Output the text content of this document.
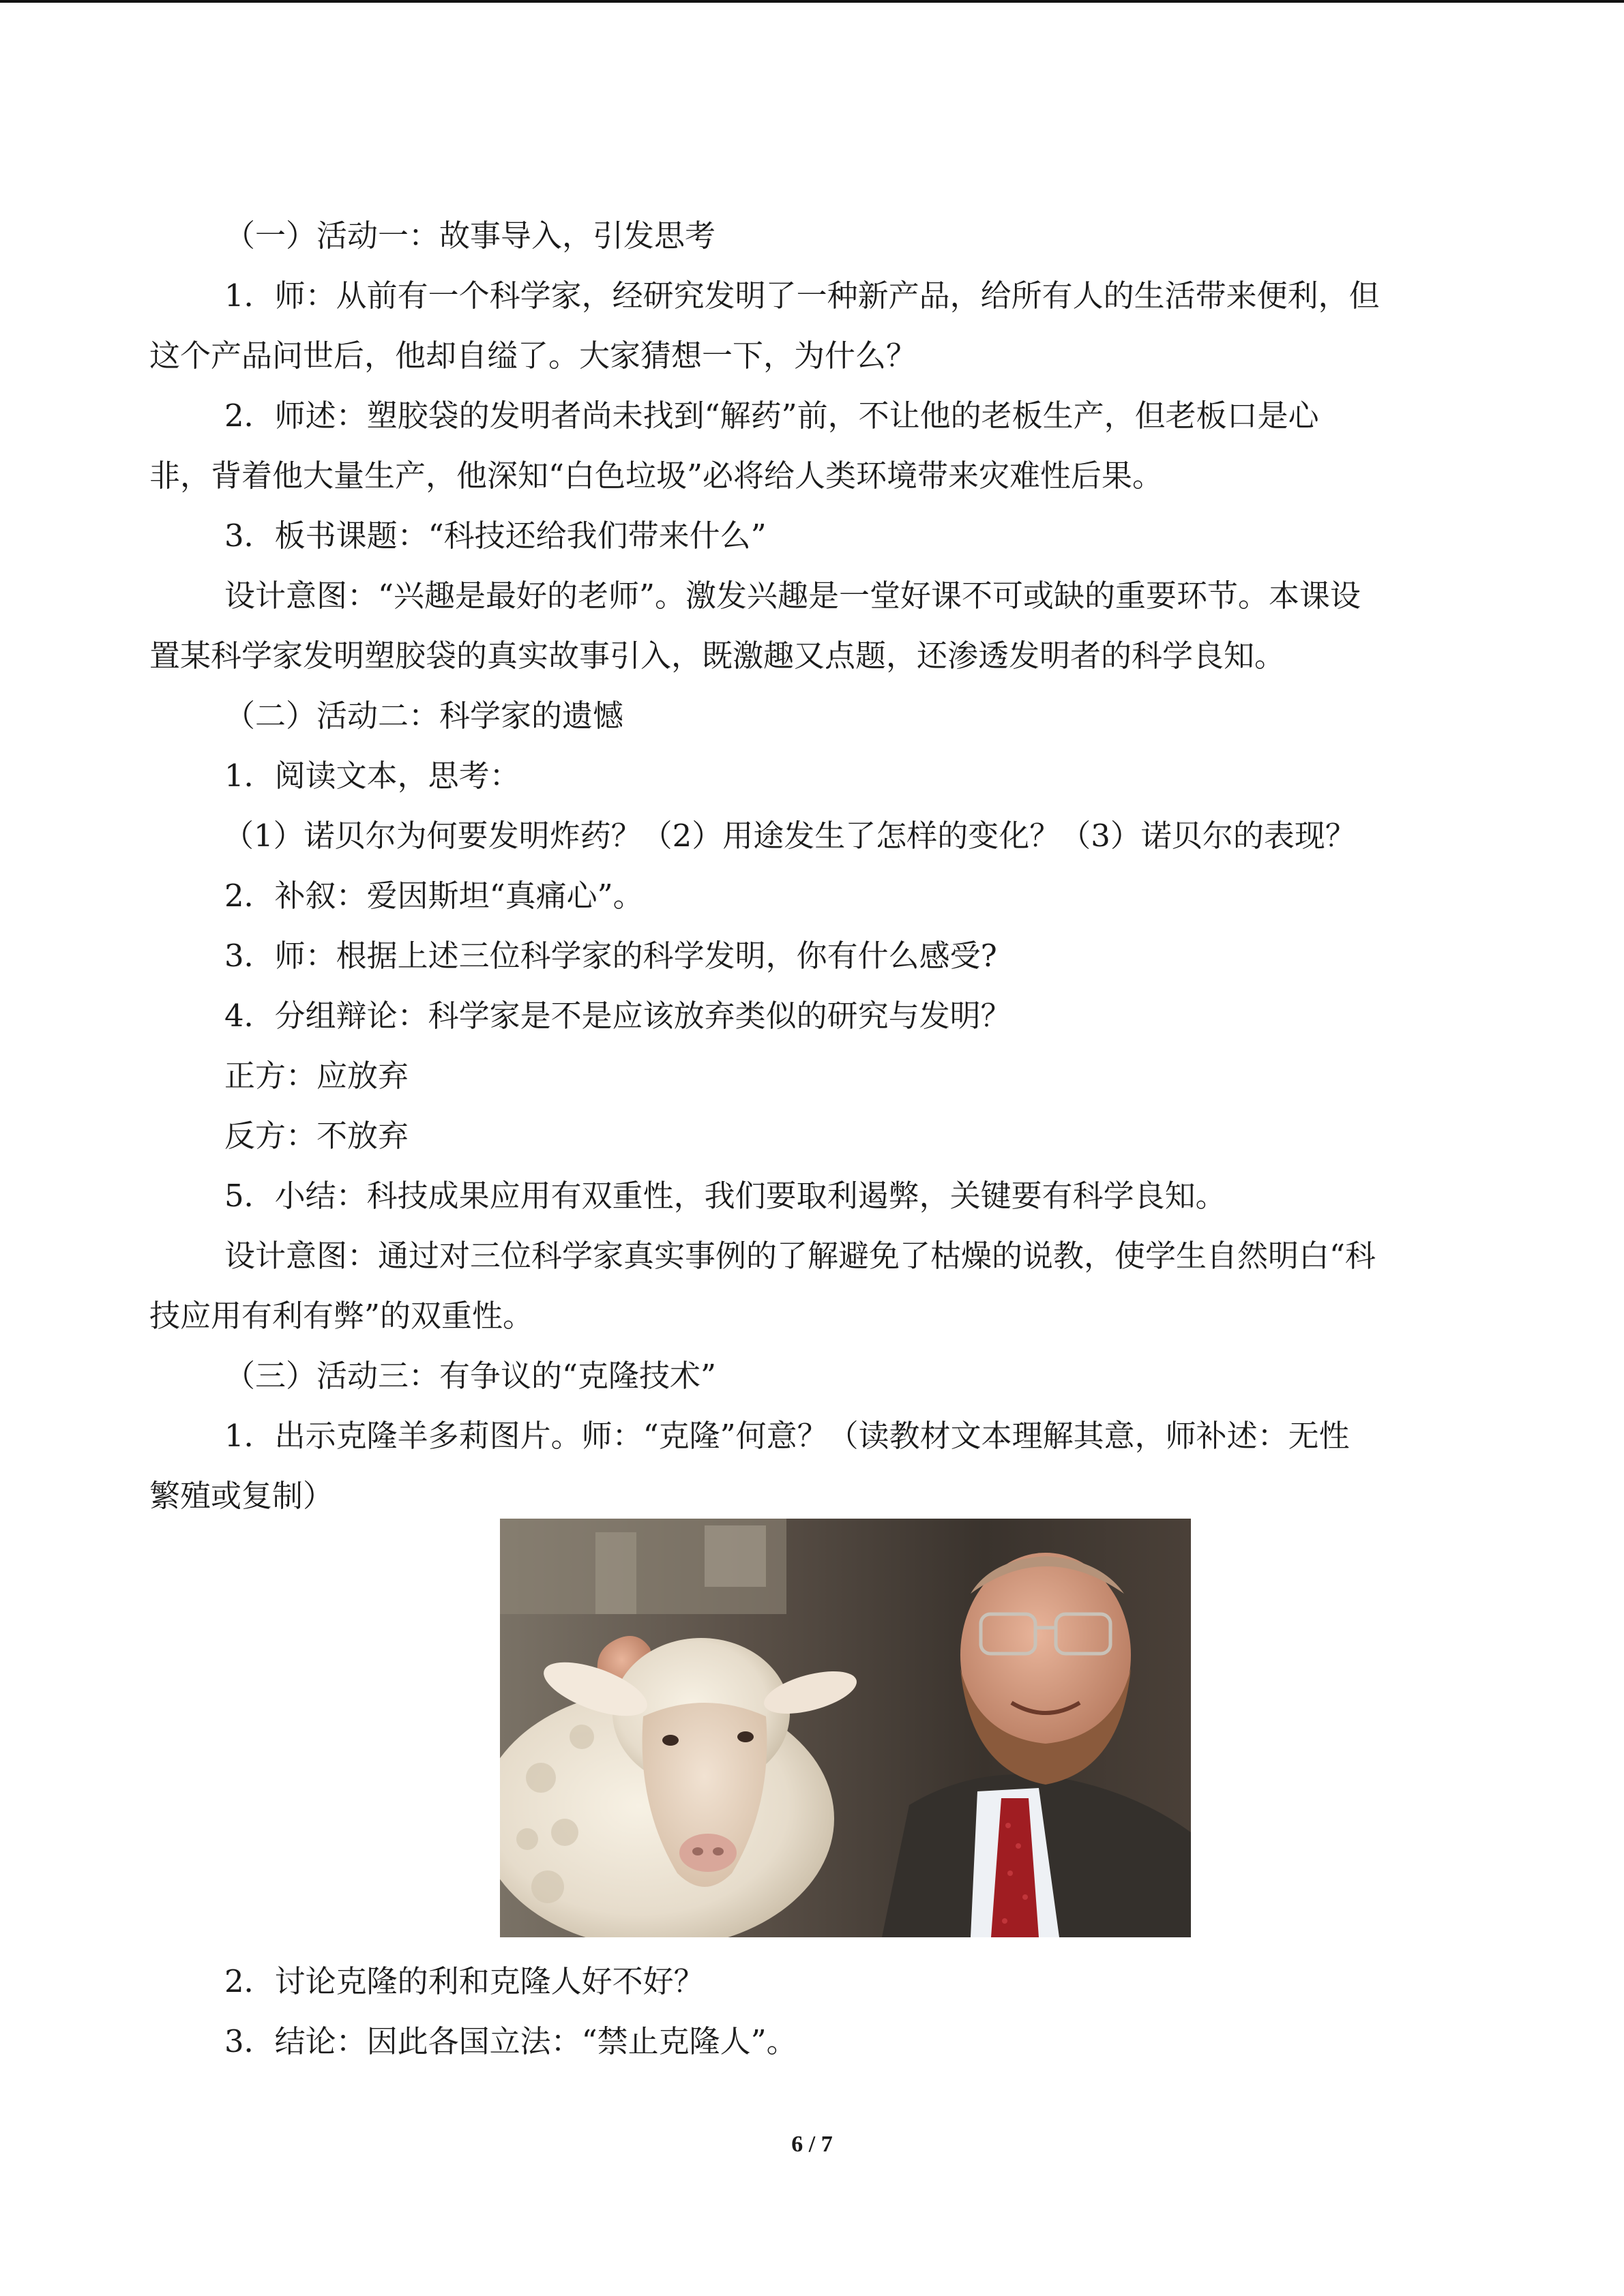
（一）活动一：故事导入，引发思考
1．师：从前有一个科学家，经研究发明了一种新产品，给所有人的生活带来便利，但
这个产品问世后，他却自缢了。大家猜想一下，为什么？
2．师述：塑胶袋的发明者尚未找到“解药”前，不让他的老板生产，但老板口是心
非，背着他大量生产，他深知“白色垃圾”必将给人类环境带来灾难性后果。
3．板书课题：“科技还给我们带来什么”
设计意图：“兴趣是最好的老师”。激发兴趣是一堂好课不可或缺的重要环节。本课设
置某科学家发明塑胶袋的真实故事引入，既激趣又点题，还渗透发明者的科学良知。
（二）活动二：科学家的遗憾
1．阅读文本，思考：
（1）诺贝尔为何要发明炸药？（2）用途发生了怎样的变化？（3）诺贝尔的表现？
2．补叙：爱因斯坦“真痛心”。
3．师：根据上述三位科学家的科学发明，你有什么感受?
4．分组辩论：科学家是不是应该放弃类似的研究与发明？
正方：应放弃
反方：不放弃
5．小结：科技成果应用有双重性，我们要取利遏弊，关键要有科学良知。
设计意图：通过对三位科学家真实事例的了解避免了枯燥的说教，使学生自然明白“科
技应用有利有弊”的双重性。
（三）活动三：有争议的“克隆技术”
1．出示克隆羊多莉图片。师：“克隆”何意？（读教材文本理解其意，师补述：无性
繁殖或复制）
2．讨论克隆的利和克隆人好不好？
3．结论：因此各国立法：“禁止克隆人”。
6 / 7
